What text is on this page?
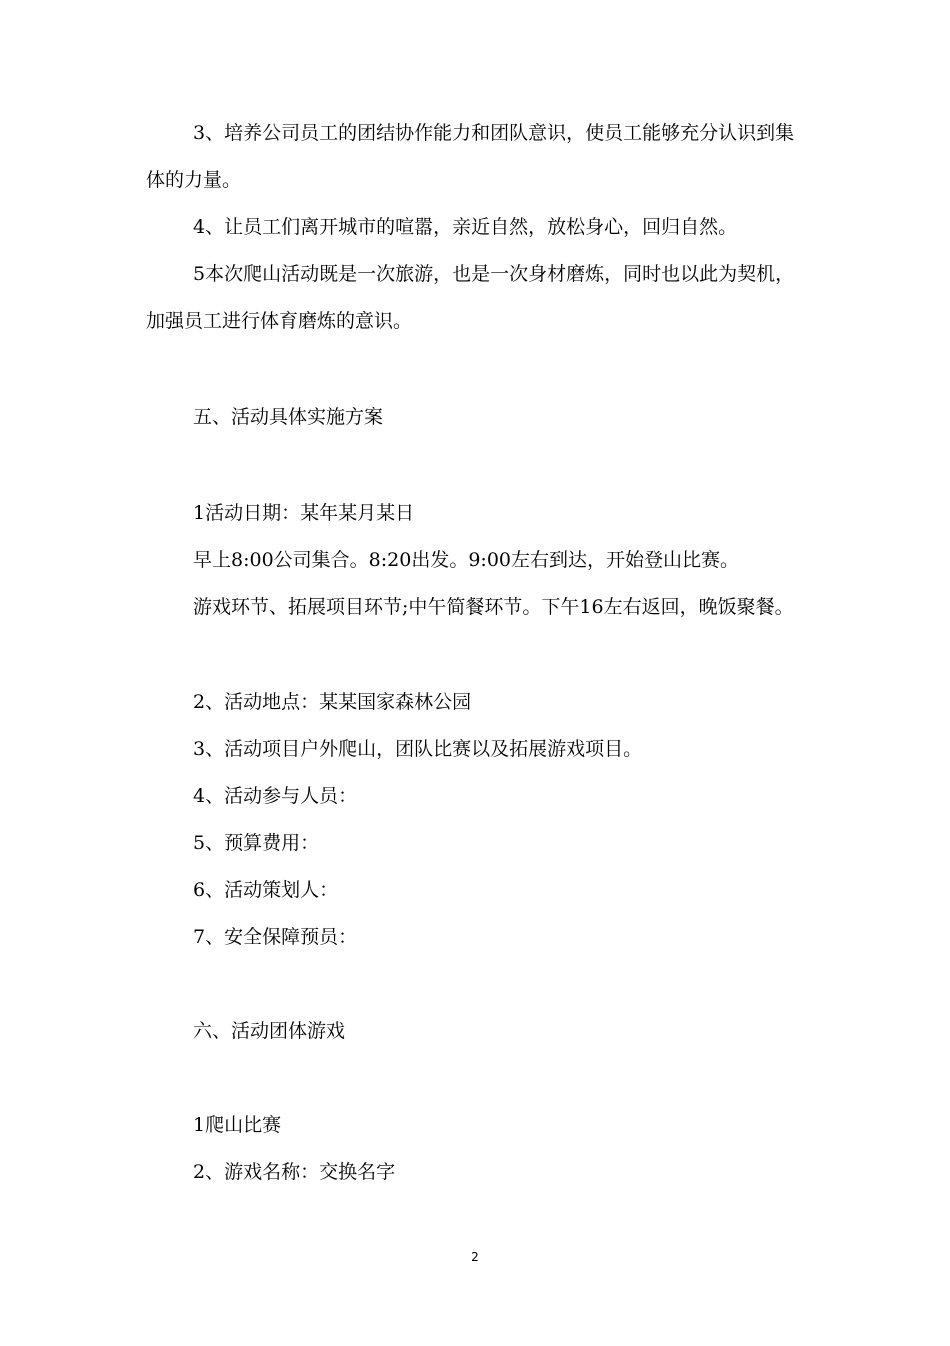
3、培养公司员工的团结协作能力和团队意识，使员工能够充分认识到集
体的力量。
4、让员工们离开城市的喧嚣，亲近自然，放松身心，回归自然。
5本次爬山活动既是一次旅游，也是一次身材磨炼，同时也以此为契机，
加强员工进行体育磨炼的意识。
五、活动具体实施方案
1活动日期：某年某月某日
早上8:00公司集合。8:20出发。9:00左右到达，开始登山比赛。
游戏环节、拓展项目环节;中午简餐环节。下午16左右返回，晚饭聚餐。
2、活动地点：某某国家森林公园
3、活动项目户外爬山，团队比赛以及拓展游戏项目。
4、活动参与人员：
5、预算费用：
6、活动策划人：
7、安全保障预员：
六、活动团体游戏
1爬山比赛
2、游戏名称：交换名字
2
